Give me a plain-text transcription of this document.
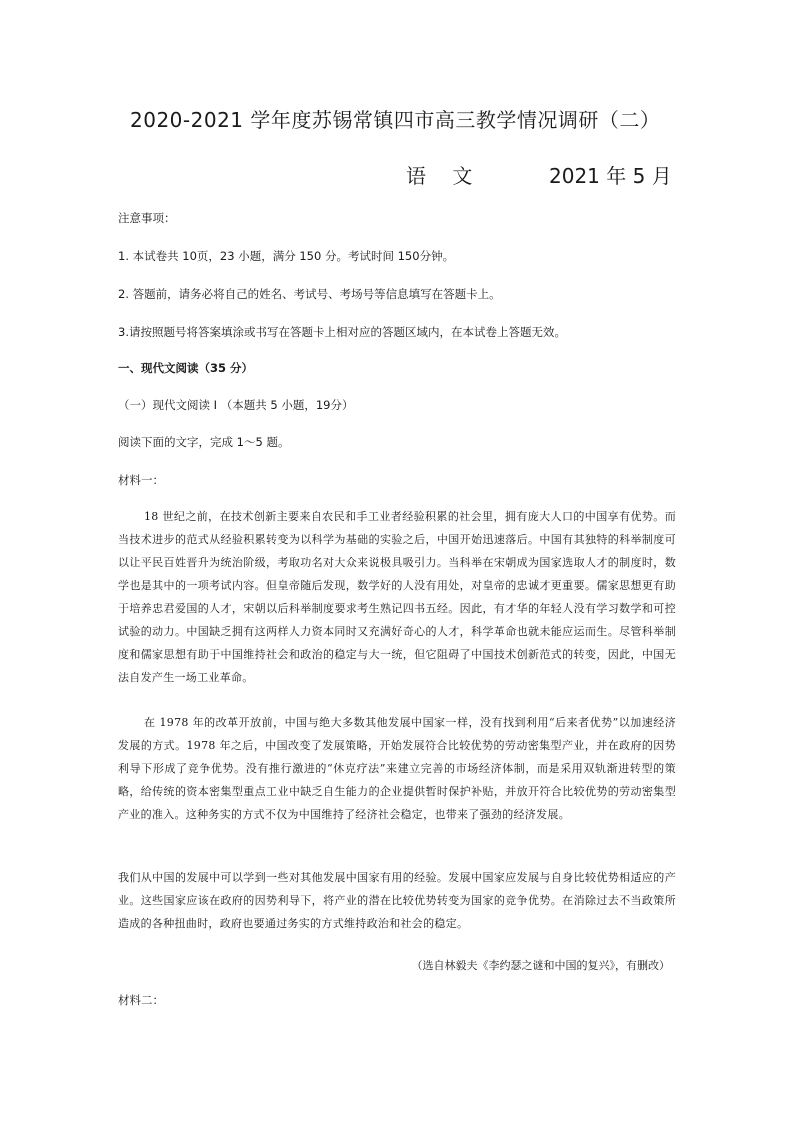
2020-2021 学年度苏锡常镇四市高三教学情况调研（二）
语 文	2021 年 5 月
注意事项：
1. 本试卷共 10页，23 小题，满分 150 分。考试时间 150分钟。
2. 答题前，请务必将自己的姓名、考试号、考场号等信息填写在答题卡上。
3.请按照题号将答案填涂或书写在答题卡上相对应的答题区域内，在本试卷上答题无效。
一、现代文阅读（35 分）
（一）现代文阅读 I （本题共 5 小题，19分）
阅读下面的文字，完成 1～5 题。
材料一：

18 世纪之前，在技术创新主要来自农民和手工业者经验积累的社会里，拥有庞大人口的中国享有优势。而当技术进步的范式从经验积累转变为以科学为基础的实验之后，中国开始迅速落后。中国有其独特的科举制度可以让平民百姓晋升为统治阶级，考取功名对大众来说极具吸引力。当科举在宋朝成为国家选取人才的制度时，数学也是其中的一项考试内容。但皇帝随后发现，数学好的人没有用处，对皇帝的忠诚才更重要。儒家思想更有助于培养忠君爱国的人才，宋朝以后科举制度要求考生熟记四书五经。因此，有才华的年轻人没有学习数学和可控试验的动力。中国缺乏拥有这两样人力资本同时又充满好奇心的人才，科学革命也就未能应运而生。尽管科举制度和儒家思想有助于中国维持社会和政治的稳定与大一统，但它阻碍了中国技术创新范式的转变，因此，中国无法自发产生一场工业革命。

在 1978 年的改革开放前，中国与绝大多数其他发展中国家一样，没有找到利用“后来者优势”以加速经济发展的方式。1978 年之后，中国改变了发展策略，开始发展符合比较优势的劳动密集型产业，并在政府的因势利导下形成了竞争优势。没有推行激进的“休克疗法”来建立完善的市场经济体制，而是采用双轨渐进转型的策略，给传统的资本密集型重点工业中缺乏自生能力的企业提供暂时保护补贴，并放开符合比较优势的劳动密集型产业的准入。这种务实的方式不仅为中国维持了经济社会稳定，也带来了强劲的经济发展。

我们从中国的发展中可以学到一些对其他发展中国家有用的经验。发展中国家应发展与自身比较优势相适应的产业。这些国家应该在政府的因势利导下，将产业的潜在比较优势转变为国家的竞争优势。在消除过去不当政策所造成的各种扭曲时，政府也要通过务实的方式维持政治和社会的稳定。

（选自林毅夫《李约瑟之谜和中国的复兴》，有删改）
材料二：
